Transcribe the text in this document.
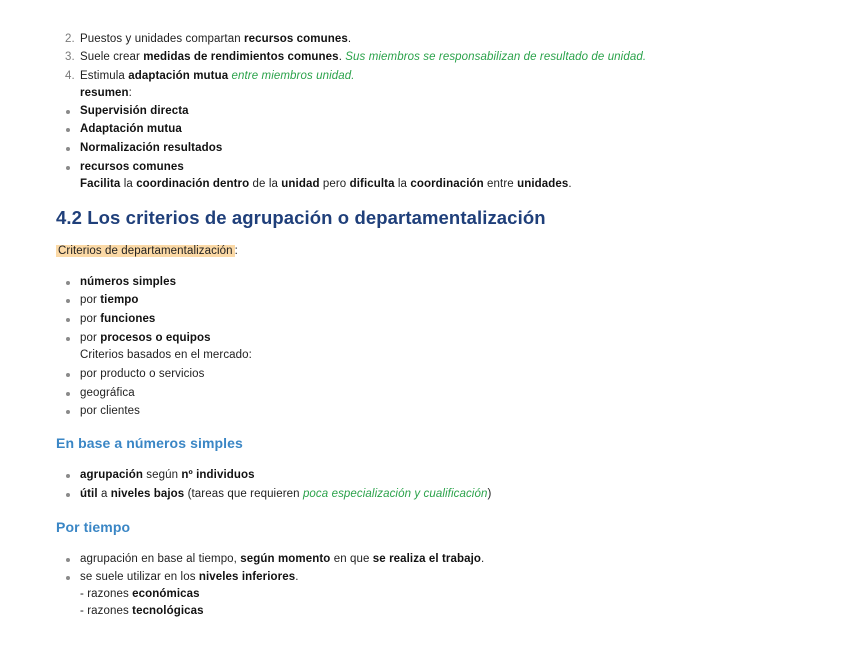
2. Puestos y unidades compartan recursos comunes.
3. Suele crear medidas de rendimientos comunes. Sus miembros se responsabilizan de resultado de unidad.
4. Estimula adaptación mutua entre miembros unidad.
resumen:
Supervisión directa
Adaptación mutua
Normalización resultados
recursos comunes
Facilita la coordinación dentro de la unidad pero dificulta la coordinación entre unidades.
4.2 Los criterios de agrupación o departamentalización
Criterios de departamentalización :
números simples
por tiempo
por funciones
por procesos o equipos
Criterios basados en el mercado:
por producto o servicios
geográfica
por clientes
En base a números simples
agrupación según nº individuos
útil a niveles bajos (tareas que requieren poca especialización y cualificación)
Por tiempo
agrupación en base al tiempo, según momento en que se realiza el trabajo.
se suele utilizar en los niveles inferiores.
- razones económicas
- razones tecnológicas
